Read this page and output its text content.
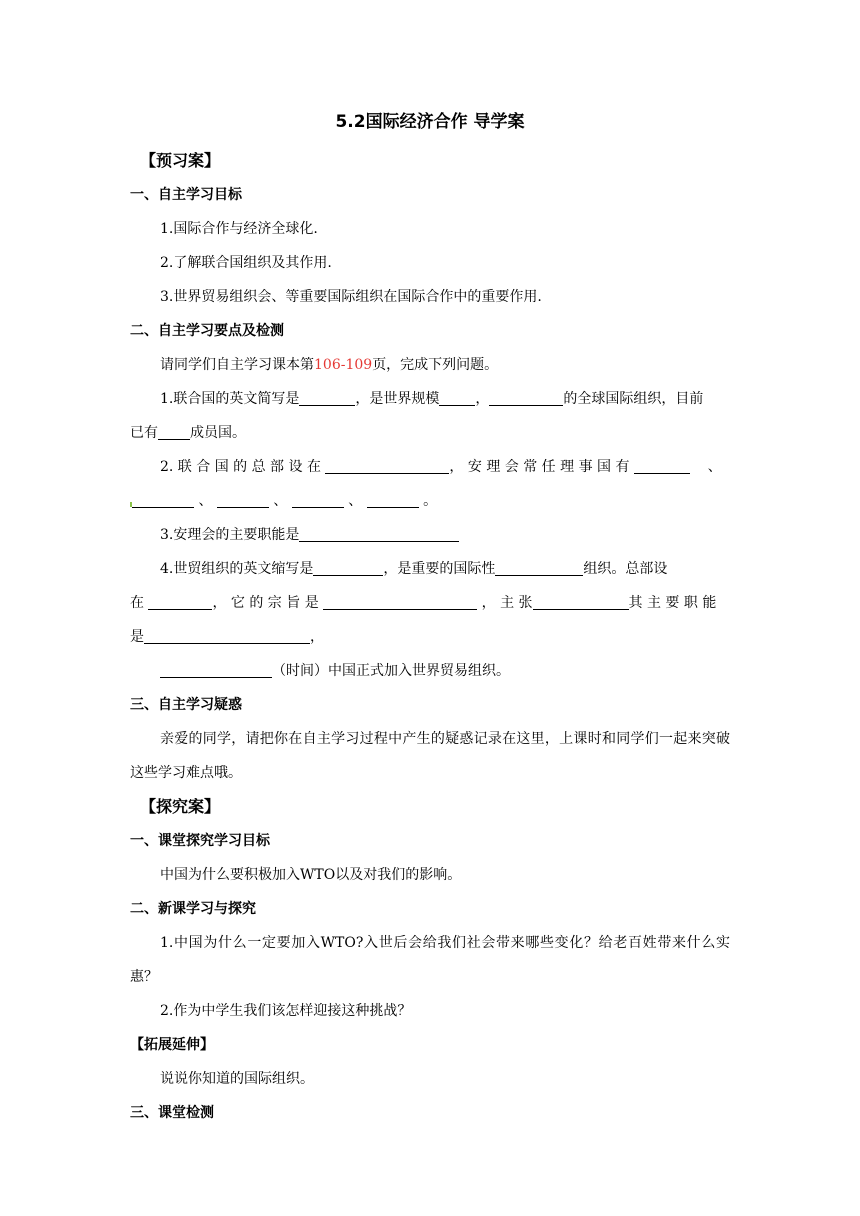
5.2国际经济合作 导学案

【预习案】

一、自主学习目标

1.国际合作与经济全球化.

2.了解联合国组织及其作用.

3.世界贸易组织会、等重要国际组织在国际合作中的重要作用.

二、自主学习要点及检测

请同学们自主学习课本第106-109页，完成下列问题。

1.联合国的英文简写是	，是世界规模	，	的全球国际组织，目前

已有 成员国。

2. 联 合 国 的 总 部 设 在	， 安 理 会 常 任 理 事 国 有	、

、	、	、	。

3.安理会的主要职能是

4.世贸组织的英文缩写是	，是重要的国际性	组织。总部设

在	， 它 的 宗 旨 是	， 主 张	其 主 要 职 能

是	，

（时间）中国正式加入世界贸易组织。

三、自主学习疑惑

亲爱的同学，请把你在自主学习过程中产生的疑惑记录在这里，上课时和同学们一起来突破这些学习难点哦。

【探究案】

一、课堂探究学习目标

中国为什么要积极加入WTO以及对我们的影响。

二、新课学习与探究

1.中国为什么一定要加入WTO?入世后会给我们社会带来哪些变化？给老百姓带来什么实惠？

2.作为中学生我们该怎样迎接这种挑战？

【拓展延伸】

说说你知道的国际组织。

三、课堂检测
